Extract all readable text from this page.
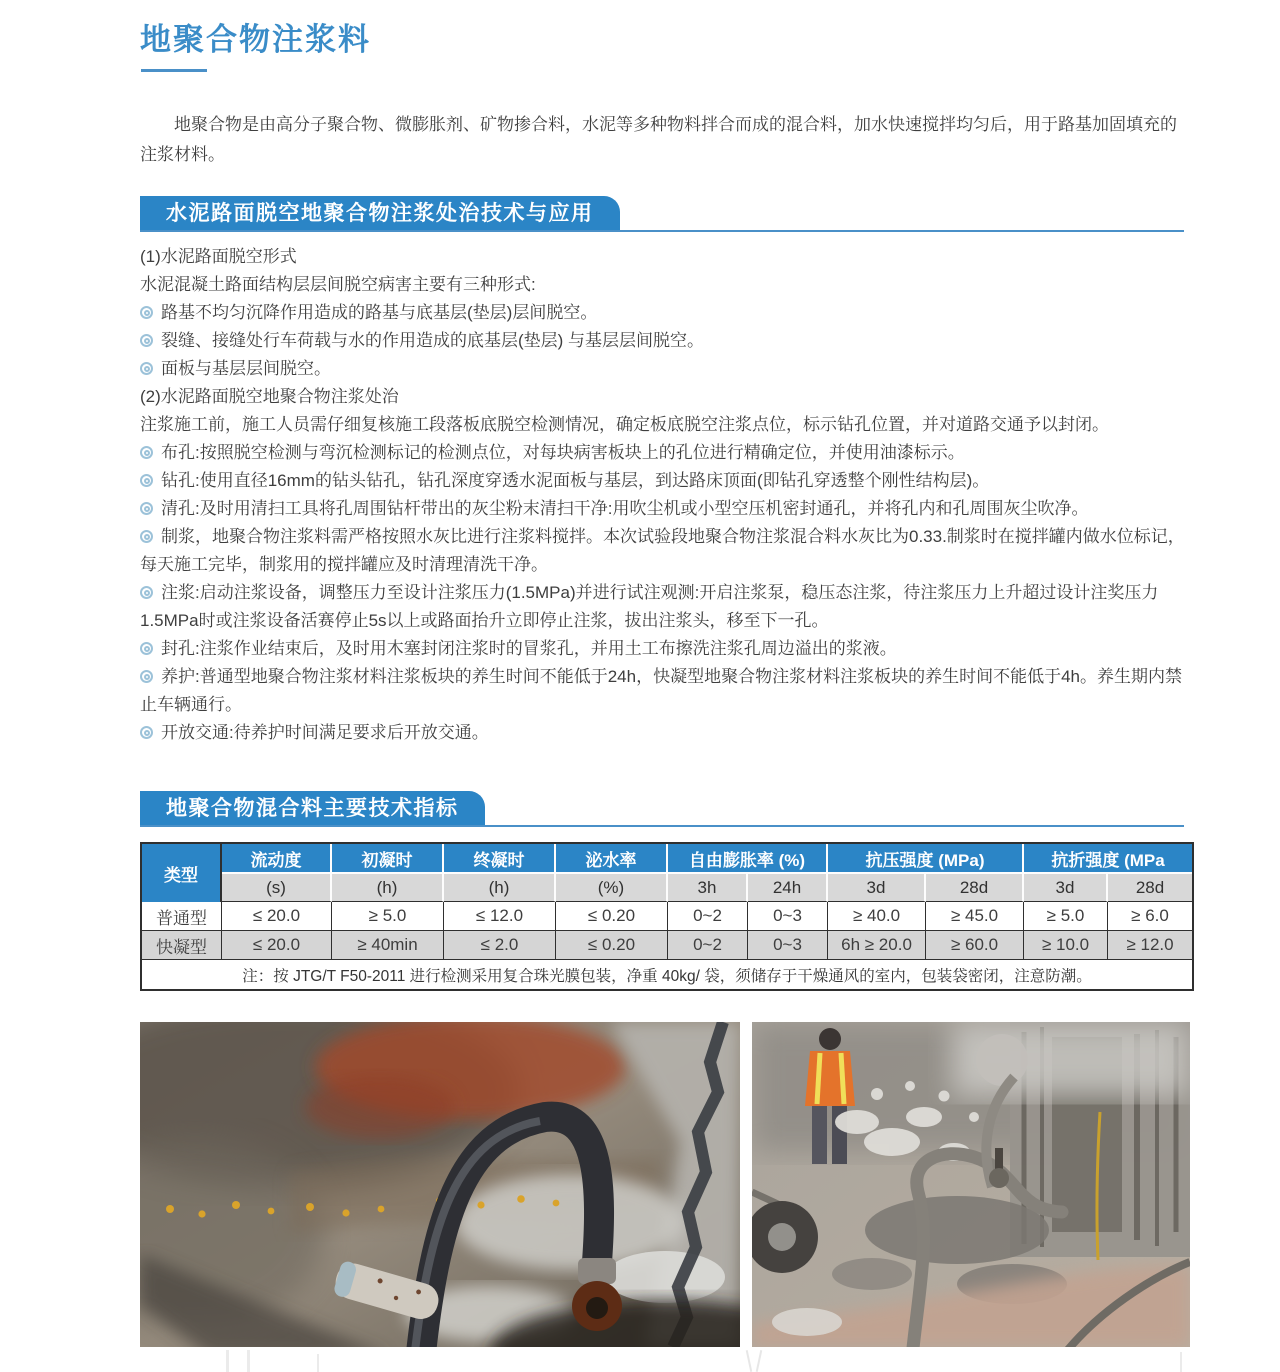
地聚合物注浆料

地聚合物是由高分子聚合物、微膨胀剂、矿物掺合料，水泥等多种物料拌合而成的混合料，加水快速搅拌均匀后，用于路基加固填充的注浆材料。

水泥路面脱空地聚合物注浆处治技术与应用
(1)水泥路面脱空形式
水泥混凝土路面结构层层间脱空病害主要有三种形式:
路基不均匀沉降作用造成的路基与底基层(垫层)层间脱空。
裂缝、接缝处行车荷载与水的作用造成的底基层(垫层) 与基层层间脱空。
面板与基层层间脱空。
(2)水泥路面脱空地聚合物注浆处治
注浆施工前，施工人员需仔细复核施工段落板底脱空检测情况，确定板底脱空注浆点位，标示钻孔位置，并对道路交通予以封闭。
布孔:按照脱空检测与弯沉检测标记的检测点位，对每块病害板块上的孔位进行精确定位，并使用油漆标示。
钻孔:使用直径16mm的钻头钻孔，钻孔深度穿透水泥面板与基层，到达路床顶面(即钻孔穿透整个刚性结构层)。
清孔:及时用清扫工具将孔周围钻杆带出的灰尘粉末清扫干净:用吹尘机或小型空压机密封通孔，并将孔内和孔周围灰尘吹净。
制浆，地聚合物注浆料需严格按照水灰比进行注浆料搅拌。本次试验段地聚合物注浆混合料水灰比为0.33.制浆时在搅拌罐内做水位标记，每天施工完毕，制浆用的搅拌罐应及时清理清洗干净。
注浆:启动注浆设备，调整压力至设计注浆压力(1.5MPa)并进行试注观测:开启注浆泵，稳压态注浆，待注浆压力上升超过设计注奖压力1.5MPa时或注浆设备活赛停止5s以上或路面抬升立即停止注浆，拔出注浆头，移至下一孔。
封孔:注浆作业结束后，及时用木塞封闭注浆时的冒浆孔，并用土工布擦洗注浆孔周边溢出的浆液。
养护:普通型地聚合物注浆材料注浆板块的养生时间不能低于24h，快凝型地聚合物注浆材料注浆板块的养生时间不能低于4h。养生期内禁止车辆通行。
开放交通:待养护时间满足要求后开放交通。
地聚合物混合料主要技术指标
类型	流动度	初凝时	终凝时	泌水率	自由膨胀率 (%)		抗压强度 (MPa)		抗折强度 (MPa	
	(s)	(h)	(h)	(%)	3h	24h	3d	28d	3d	28d
普通型	≤ 20.0	≥ 5.0	≤ 12.0	≤ 0.20	0~2	0~3	≥ 40.0	≥ 45.0	≥ 5.0	≥ 6.0
快凝型	≤ 20.0	≥ 40min	≤ 2.0	≤ 0.20	0~2	0~3	6h ≥ 20.0	≥ 60.0	≥ 10.0	≥ 12.0
注：按 JTG/T F50-2011 进行检测采用复合珠光膜包装，净重 40kg/ 袋，须储存于干燥通风的室内，包装袋密闭，注意防潮。										
